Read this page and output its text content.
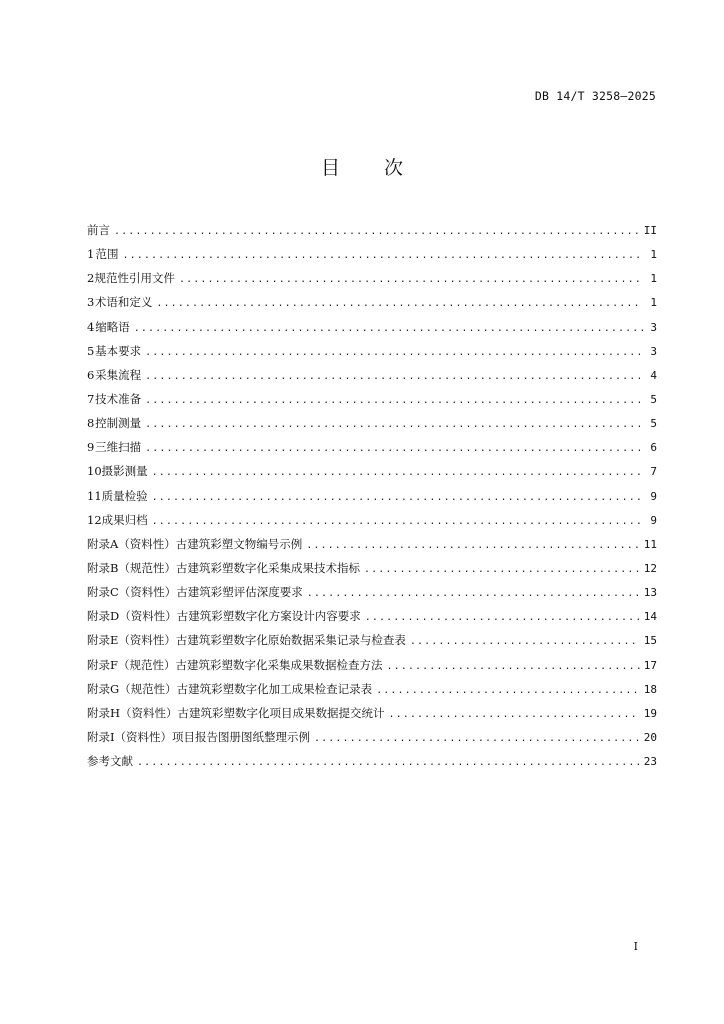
DB 14/T 3258—2025
目 次
前言 .....	II
1 范围 .....	1
2 规范性引用文件 .....	1
3 术语和定义 .....	1
4 缩略语 .....	3
5 基本要求 .....	3
6 采集流程 .....	4
7 技术准备 .....	5
8 控制测量 .....	5
9 三维扫描 .....	6
10 摄影测量 .....	7
11 质量检验 .....	9
12 成果归档 .....	9
附录A（资料性）古建筑彩塑文物编号示例 .....	11
附录B（规范性）古建筑彩塑数字化采集成果技术指标 .....	12
附录C（资料性）古建筑彩塑评估深度要求 .....	13
附录D（资料性）古建筑彩塑数字化方案设计内容要求 .....	14
附录E（资料性）古建筑彩塑数字化原始数据采集记录与检查表 .....	15
附录F（规范性）古建筑彩塑数字化采集成果数据检查方法 .....	17
附录G（规范性）古建筑彩塑数字化加工成果检查记录表 .....	18
附录H（资料性）古建筑彩塑数字化项目成果数据提交统计 .....	19
附录I（资料性）项目报告图册图纸整理示例 .....	20
参考文献 .....	23
I
